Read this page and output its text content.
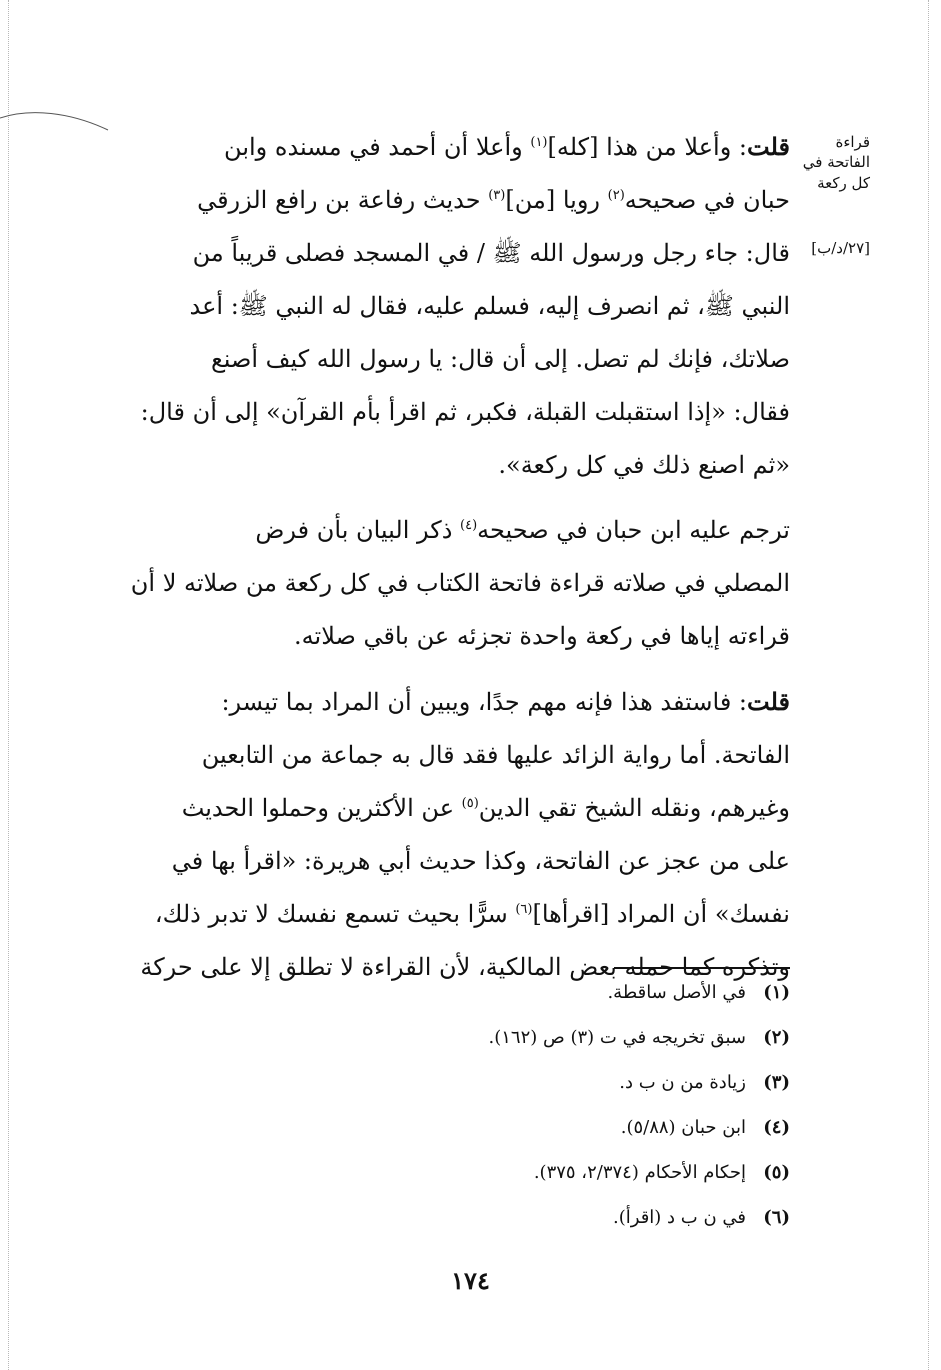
قراءة الفاتحة في كل ركعة
[٢٧/د/ب]

قلت: وأعلا من هذا [كله]$^{(١)}$ وأعلا أن أحمد في مسنده وابن

حبان في صحيحه$^{(٢)}$ رويا [من]$^{(٣)}$ حديث رفاعة بن رافع الزرقي

قال: جاء رجل ورسول الله ﷺ / في المسجد فصلى قريباً من

النبي ﷺ، ثم انصرف إليه، فسلم عليه، فقال له النبي ﷺ: أعد

صلاتك، فإنك لم تصل. إلى أن قال: يا رسول الله كيف أصنع

فقال: «إذا استقبلت القبلة، فكبر، ثم اقرأ بأم القرآن» إلى أن قال:

«ثم اصنع ذلك في كل ركعة».

ترجم عليه ابن حبان في صحيحه$^{(٤)}$ ذكر البيان بأن فرض

المصلي في صلاته قراءة فاتحة الكتاب في كل ركعة من صلاته لا أن

قراءته إياها في ركعة واحدة تجزئه عن باقي صلاته.

قلت: فاستفد هذا فإنه مهم جدًا، ويبين أن المراد بما تيسر:

الفاتحة. أما رواية الزائد عليها فقد قال به جماعة من التابعين

وغيرهم، ونقله الشيخ تقي الدين$^{(٥)}$ عن الأكثرين وحملوا الحديث

على من عجز عن الفاتحة، وكذا حديث أبي هريرة: «اقرأ بها في

نفسك» أن المراد [اقرأها]$^{(٦)}$ سرًّا بحيث تسمع نفسك لا تدبر ذلك،

وتذكره كما حمله بعض المالكية، لأن القراءة لا تطلق إلا على حركة

(١)
في الأصل ساقطة.
(٢)
سبق تخريجه في ت (٣) ص (١٦٢).
(٣)
زيادة من ن ب د.
(٤)
ابن حبان (٥/٨٨).
(٥)
إحكام الأحكام (٢/٣٧٤، ٣٧٥).
(٦)
في ن ب د (اقرأ).
١٧٤
